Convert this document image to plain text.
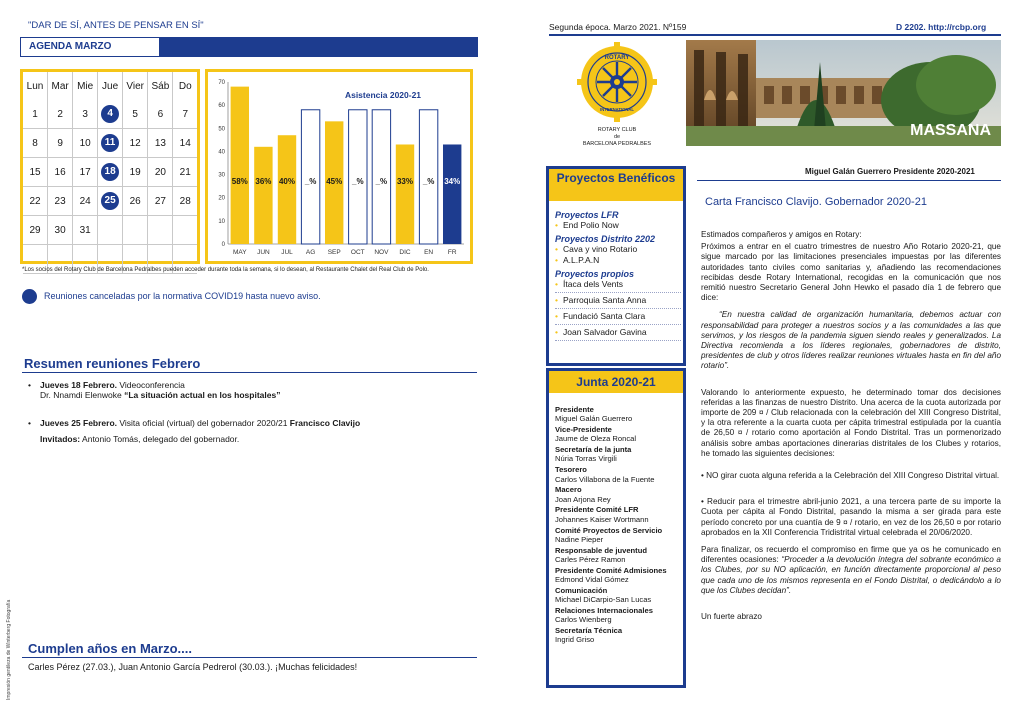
"DAR DE SÍ, ANTES DE PENSAR EN SÍ"
AGENDA MARZO
Lun	Mar	Mie	Jue	Vier	Sáb	Do
1	2	3	4	5	6	7
8	9	10	11	12	13	14
15	16	17	18	19	20	21
22	23	24	25	26	27	28
29	30	31				

0
10
20
30
40
50
60
70
Asistencia 2020-21
58%
MAY
36%
JUN
40%
JUL
_%
AG
45%
SEP
_%
OCT
_%
NOV
33%
DIC
_%
EN
34%
FR
*Los socios del Rotary Club de Barcelona Pedralbes pueden acceder durante toda la semana, si lo desean, al Restaurante Chalet del Real Club de Polo.
Reuniones canceladas por la normativa COVID19 hasta nuevo aviso.
Resumen reuniones Febrero
• Jueves 18 Febrero. Videoconferencia
Dr. Nnamdi Elenwoke “La situación actual en los hospitales”
• Jueves 25 Febrero. Visita oficial (virtual) del gobernador 2020/21 Francisco Clavijo
Invitados: Antonio Tomás, delegado del gobernador.
Impresión gentileza de Winterberg Fotografía Cumplen años en Marzo....
Carles Pérez (27.03.), Juan Antonio García Pedrerol (30.03.). ¡Muchas felicidades!
Segunda época. Marzo 2021. Nº159	D 2202. http://rcbp.org
ROTARY
INTERNATIONAL
ROTARY CLUB
de
BARCELONA PEDRALBES
MASSANA
Miguel Galán Guerrero Presidente 2020-2021
Proyectos Benéficos
Proyectos LFR
• End Polio Now
Proyectos Distrito 2202
• Cava y vino Rotario
• A.L.P.A.N
Proyectos propios
• Ítaca dels Vents
• Parroquia Santa Anna
• Fundació Santa Clara
• Joan Salvador Gavina
Junta 2020-21
Presidente
Miguel Galán Guerrero
Vice-Presidente
Jaume de Oleza Roncal
Secretaría de la junta
Núria Torras Virgili
Tesorero
Carlos Villabona de la Fuente
Macero
Joan Arjona Rey
Presidente Comité LFR
Johannes Kaiser Wortmann
Comité Proyectos de Servicio
Nadine Pieper
Responsable de juventud
Carles Pérez Ramon
Presidente Comité Admisiones
Edmond Vidal Gómez
Comunicación
Michael DiCarpio-San Lucas
Relaciones Internacionales
Carlos Wienberg
Secretaría Técnica
Ingrid Griso
Carta Francisco Clavijo. Gobernador 2020-21

Estimados compañeros y amigos en Rotary:

Próximos a entrar en el cuatro trimestres de nuestro Año Rotario 2020-21, que sigue marcado por las limitaciones presenciales impuestas por las diferentes autoridades tanto civiles como sanitarias y, añadiendo las recomendaciones recibidas desde Rotary International, recogidas en la comunicación que nos remitió nuestro Secretario General John Hewko el pasado día 1 de febrero que dice:

“En nuestra calidad de organización humanitaria, debemos actuar con responsabilidad para proteger a nuestros socios y a las comunidades a las que servimos, y los riesgos de la pandemia siguen siendo reales y generalizados. La Directiva recomienda a los líderes regionales, gobernadores de distrito, presidentes de club y otros líderes realizar reuniones virtuales hasta en fin del año rotario”.

Valorando lo anteriormente expuesto, he determinado tomar dos decisiones referidas a las finanzas de nuestro Distrito. Una acerca de la cuota autorizada por importe de 209 ¤ / Club relacionada con la celebración del XIII Congreso Distrital, y la otra referente a la cuarta cuota per cápita trimestral estipulada por la cuantía de 26,50 ¤ / rotario como aportación al Fondo Distrital. Tras un pormenorizado análisis sobre ambas aportaciones dinerarias distritales de los Clubes y rotarios, he tomado las siguientes decisiones:

• NO girar cuota alguna referida a la Celebración del XIII Congreso Distrital virtual.

• Reducir para el trimestre abril-junio 2021, a una tercera parte de su importe la Cuota per cápita al Fondo Distrital, pasando la misma a ser girada para este período concreto por una cuantía de 9 ¤ / rotario, en vez de los 26,50 ¤ por rotario aprobados en la XII Conferencia Tridistrital virtual celebrada el 20/06/2020.

Para finalizar, os recuerdo el compromiso en firme que ya os he comunicado en diferentes ocasiones: “Proceder a la devolución íntegra del sobrante económico a los Clubes, por su NO aplicación, en función directamente proporcional al peso que cada uno de los mismos representa en el Fondo Distrital, o dedicándolo a lo que los Clubes decidan”.

Un fuerte abrazo
